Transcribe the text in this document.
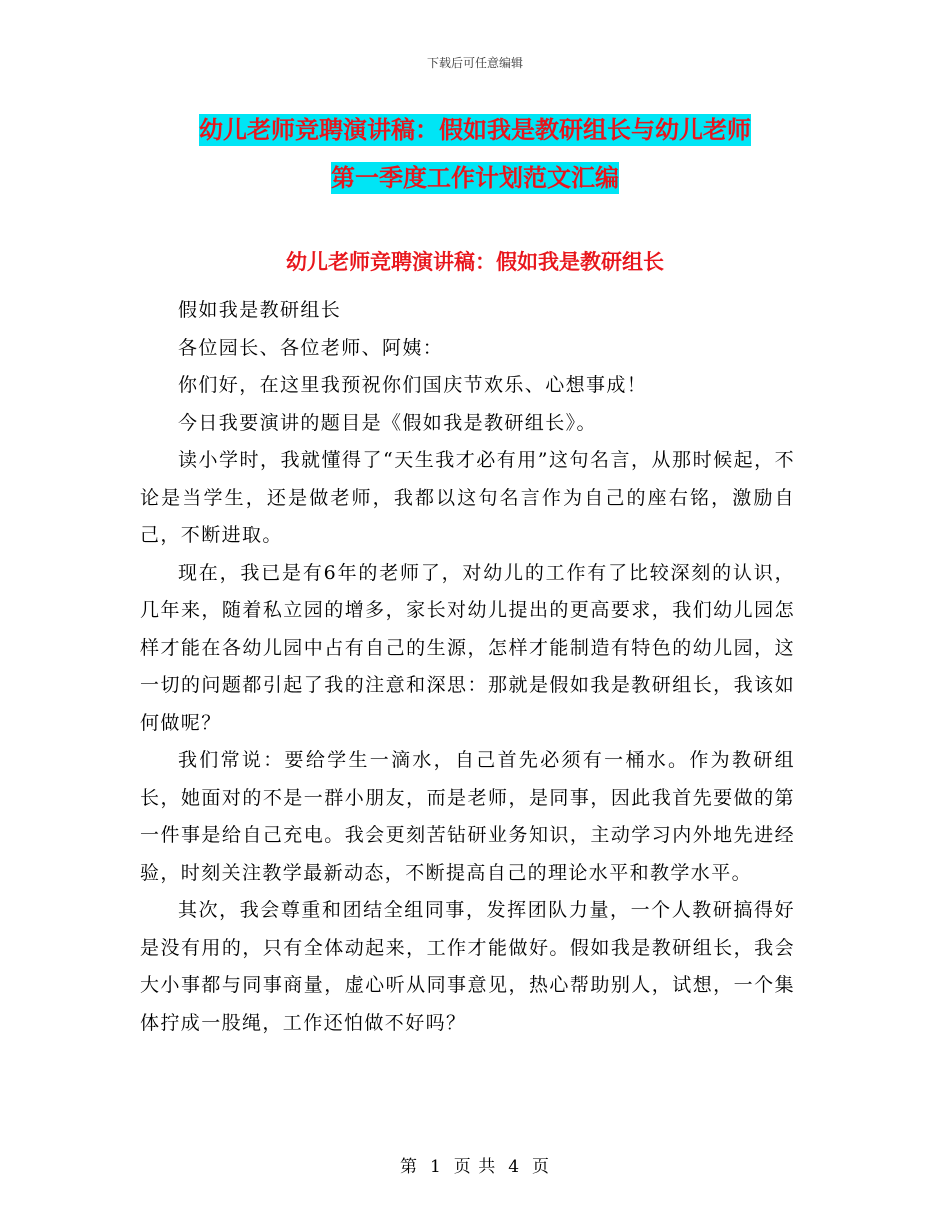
下载后可任意编辑
幼儿老师竞聘演讲稿：假如我是教研组长与幼儿老师
第一季度工作计划范文汇编
幼儿老师竞聘演讲稿：假如我是教研组长

假如我是教研组长

各位园长、各位老师、阿姨：

你们好，在这里我预祝你们国庆节欢乐、心想事成！

今日我要演讲的题目是《假如我是教研组长》。

读小学时，我就懂得了“天生我才必有用”这句名言，从那时候起，不论是当学生，还是做老师，我都以这句名言作为自己的座右铭，激励自己，不断进取。

现在，我已是有6年的老师了，对幼儿的工作有了比较深刻的认识，几年来，随着私立园的增多，家长对幼儿提出的更高要求，我们幼儿园怎样才能在各幼儿园中占有自己的生源，怎样才能制造有特色的幼儿园，这一切的问题都引起了我的注意和深思：那就是假如我是教研组长，我该如何做呢？

我们常说：要给学生一滴水，自己首先必须有一桶水。作为教研组长，她面对的不是一群小朋友，而是老师，是同事，因此我首先要做的第一件事是给自己充电。我会更刻苦钻研业务知识，主动学习内外地先进经验，时刻关注教学最新动态，不断提高自己的理论水平和教学水平。

其次，我会尊重和团结全组同事，发挥团队力量，一个人教研搞得好是没有用的，只有全体动起来，工作才能做好。假如我是教研组长，我会大小事都与同事商量，虚心听从同事意见，热心帮助别人，试想，一个集体拧成一股绳，工作还怕做不好吗？

第 1 页 共 4 页
